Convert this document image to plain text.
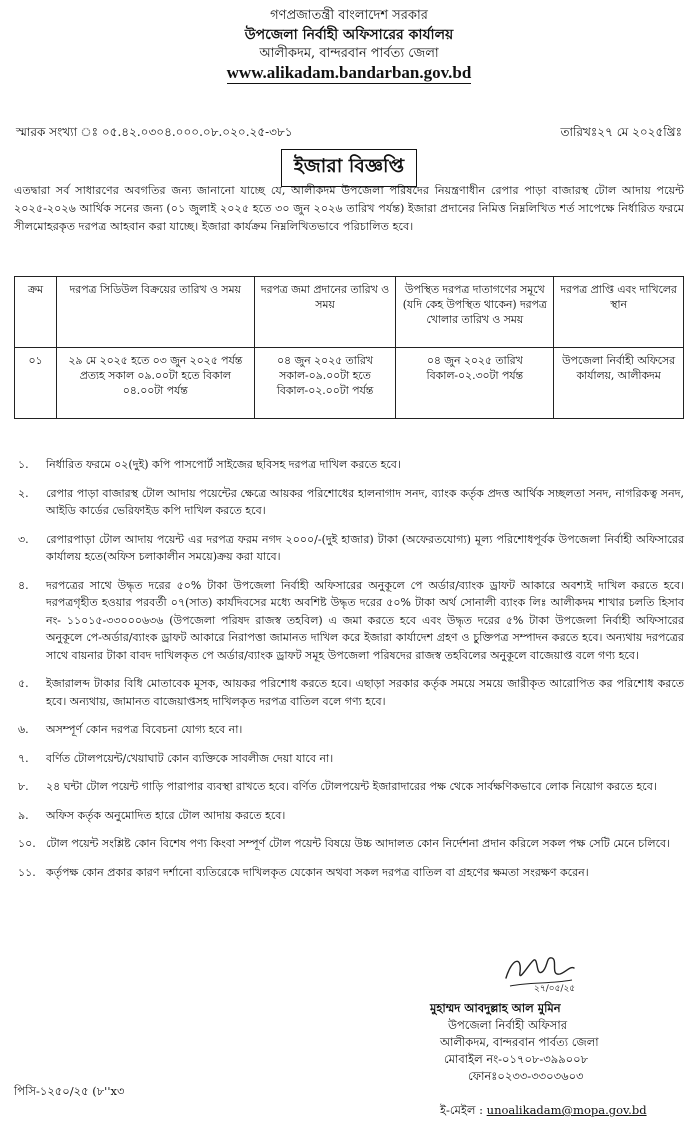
গণপ্রজাতন্ত্রী বাংলাদেশ সরকার
উপজেলা নির্বাহী অফিসারের কার্যালয়
আলীকদম, বান্দরবান পার্বত্য জেলা
www.alikadam.bandarban.gov.bd
স্মারক সংখ্যা ঃ ০৫.৪২.০৩০৪.০০০.০৮.০২০.২৫-৩৮১	তারিখঃ২৭ মে ২০২৫খ্রিঃ
ইজারা বিজ্ঞপ্তি
এতদ্বারা সর্ব সাধারণের অবগতির জন্য জানানো যাচ্ছে যে, আলীকদম উপজেলা পরিষদের নিয়ন্ত্রণাধীন রেপার পাড়া বাজারস্থ টোল আদায় পয়েন্ট ২০২৫-২০২৬ আর্থিক সনের জন্য (০১ জুলাই ২০২৫ হতে ৩০ জুন ২০২৬ তারিখ পর্যন্ত) ইজারা প্রদানের নিমিত্ত নিম্নলিখিত শর্ত সাপেক্ষে নির্ধারিত ফরমে সীলমোহরকৃত দরপত্র আহবান করা যাচ্ছে। ইজারা কার্যক্রম নিম্নলিখিতভাবে পরিচালিত হবে।
ক্রম	দরপত্র সিডিউল বিক্রয়ের তারিখ ও সময়	দরপত্র জমা প্রদানের তারিখ ও সময়	উপস্থিত দরপত্র দাতাগণের সমূখে (যদি কেহ উপস্থিত থাকেন) দরপত্র খোলার তারিখ ও সময়	দরপত্র প্রাপ্তি এবং দাখিলের স্থান
০১	২৯ মে ২০২৫ হতে ০৩ জুন ২০২৫ পর্যন্ত প্রত্যহ সকাল ০৯.০০টা হতে বিকাল ০৪.০০টা পর্যন্ত	০৪ জুন ২০২৫ তারিখ সকাল-০৯.০০টা হতে বিকাল-০২.০০টা পর্যন্ত	০৪ জুন ২০২৫ তারিখ বিকাল-০২.৩০টা পর্যন্ত	উপজেলা নির্বাহী অফিসের কার্যালয়, আলীকদম
১.	নির্ধারিত ফরমে ০২(দুই) কপি পাসপোর্ট সাইজের ছবিসহ দরপত্র দাখিল করতে হবে।
২.	রেপার পাড়া বাজারস্থ টোল আদায় পয়েন্টের ক্ষেত্রে আয়কর পরিশোধের হালনাগাদ সনদ, ব্যাংক কর্তৃক প্রদত্ত আর্থিক সচ্ছলতা সনদ, নাগরিকত্ব সনদ, আইডি কার্ডের ভেরিফাইড কপি দাখিল করতে হবে।
৩.	রেপারপাড়া টোল আদায় পয়েন্ট এর দরপত্র ফরম নগদ ২০০০/-(দুই হাজার) টাকা (অফেরতযোগ্য) মূল্য পরিশোধপূর্বক উপজেলা নির্বাহী অফিসারের কার্যালয় হতে(অফিস চলাকালীন সময়ে)ক্রয় করা যাবে।
৪.	দরপত্রের সাথে উদ্ধৃত দরের ৫০% টাকা উপজেলা নির্বাহী অফিসারের অনুকূলে পে অর্ডার/ব্যাংক ড্রাফট আকারে অবশ্যই দাখিল করতে হবে। দরপত্রগৃহীত হওয়ার পরবর্তী ০৭(সাত) কার্যদিবসের মধ্যে অবশিষ্ট উদ্ধৃত দরের ৫০% টাকা অর্থ সোনালী ব্যাংক লিঃ আলীকদম শাখার চলতি হিসাব নং- ১১০১৫-৩৩০০০৬৩৬ (উপজেলা পরিষদ রাজস্ব তহবিল) এ জমা করতে হবে এবং উদ্ধৃত দরের ৫% টাকা উপজেলা নির্বাহী অফিসারের অনুকূলে পে-অর্ডার/ব্যাংক ড্রাফট আকারে নিরাপত্তা জামানত দাখিল করে ইজারা কার্যাদেশ গ্রহণ ও চুক্তিপত্র সম্পাদন করতে হবে। অন্যথায় দরপত্রের সাথে বায়নার টাকা বাবদ দাখিলকৃত পে অর্ডার/ব্যাংক ড্রাফট সমূহ উপজেলা পরিষদের রাজস্ব তহবিলের অনুকূলে বাজেয়াপ্ত বলে গণ্য হবে।
৫.	ইজারালব্দ টাকার বিধি মোতাবেক মূসক, আয়কর পরিশোধ করতে হবে। এছাড়া সরকার কর্তৃক সময়ে সময়ে জারীকৃত আরোপিত কর পরিশোধ করতে হবে। অন্যথায়, জামানত বাজেয়াপ্তসহ দাখিলকৃত দরপত্র বাতিল বলে গণ্য হবে।
৬.	অসম্পূর্ণ কোন দরপত্র বিবেচনা যোগ্য হবে না।
৭.	বর্ণিত টোলপয়েন্ট/খেয়াঘাট কোন ব্যক্তিকে সাবলীজ দেয়া যাবে না।
৮.	২৪ ঘন্টা টোল পয়েন্ট গাড়ি পারাপার ব্যবস্থা রাখতে হবে। বর্ণিত টোলপয়েন্ট ইজারাদারের পক্ষ থেকে সার্বক্ষণিকভাবে লোক নিয়োগ করতে হবে।
৯.	অফিস কর্তৃক অনুমোদিত হারে টোল আদায় করতে হবে।
১০. টোল পয়েন্ট সংশ্লিষ্ট কোন বিশেষ পণ্য কিংবা সম্পূর্ণ টোল পয়েন্ট বিষয়ে উচ্চ আদালত কোন নির্দেশনা প্রদান করিলে সকল পক্ষ সেটি মেনে চলিবে।
১১. কর্তৃপক্ষ কোন প্রকার কারণ দর্শানো ব্যতিরেকে দাখিলকৃত যেকোন অথবা সকল দরপত্র বাতিল বা গ্রহণের ক্ষমতা সংরক্ষণ করেন।
২৭/০৫/২৫
মুহাম্মদ আবদুল্লাহ আল মুমিন
উপজেলা নির্বাহী অফিসার
আলীকদম, বান্দরবান পার্বত্য জেলা
মোবাইল নং-০১৭০৮-৩৯৯০০৮
ফোনঃ০২৩৩-৩৩০৩৬০৩
পিসি-১২৫০/২৫ (৮''x৩
ই-মেইল : unoalikadam@mopa.gov.bd
